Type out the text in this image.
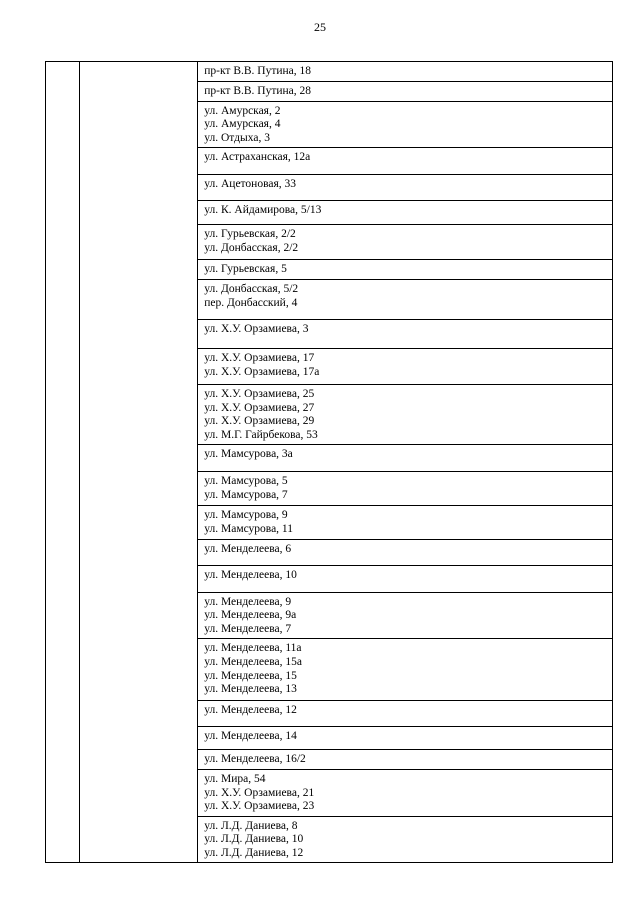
25

пр-кт В.В. Путина, 18

пр-кт В.В. Путина, 28

ул. Амурская, 2
ул. Амурская, 4
ул. Отдыха, 3

ул. Астраханская, 12а

ул. Ацетоновая, 33

ул. К. Айдамирова, 5/13

ул. Гурьевская, 2/2
ул. Донбасская, 2/2

ул. Гурьевская, 5

ул. Донбасская, 5/2
пер. Донбасский, 4

ул. Х.У. Орзамиева, 3

ул. Х.У. Орзамиева, 17
ул. Х.У. Орзамиева, 17а

ул. Х.У. Орзамиева, 25
ул. Х.У. Орзамиева, 27
ул. Х.У. Орзамиева, 29
ул. М.Г. Гайрбекова, 53

ул. Мамсурова, 3а

ул. Мамсурова, 5
ул. Мамсурова, 7

ул. Мамсурова, 9
ул. Мамсурова, 11

ул. Менделеева, 6

ул. Менделеева, 10

ул. Менделеева, 9
ул. Менделеева, 9а
ул. Менделеева, 7

ул. Менделеева, 11а
ул. Менделеева, 15а
ул. Менделеева, 15
ул. Менделеева, 13

ул. Менделеева, 12

ул. Менделеева, 14

ул. Менделеева, 16/2

ул. Мира, 54
ул. Х.У. Орзамиева, 21
ул. Х.У. Орзамиева, 23

ул. Л.Д. Даниева, 8
ул. Л.Д. Даниева, 10
ул. Л.Д. Даниева, 12
